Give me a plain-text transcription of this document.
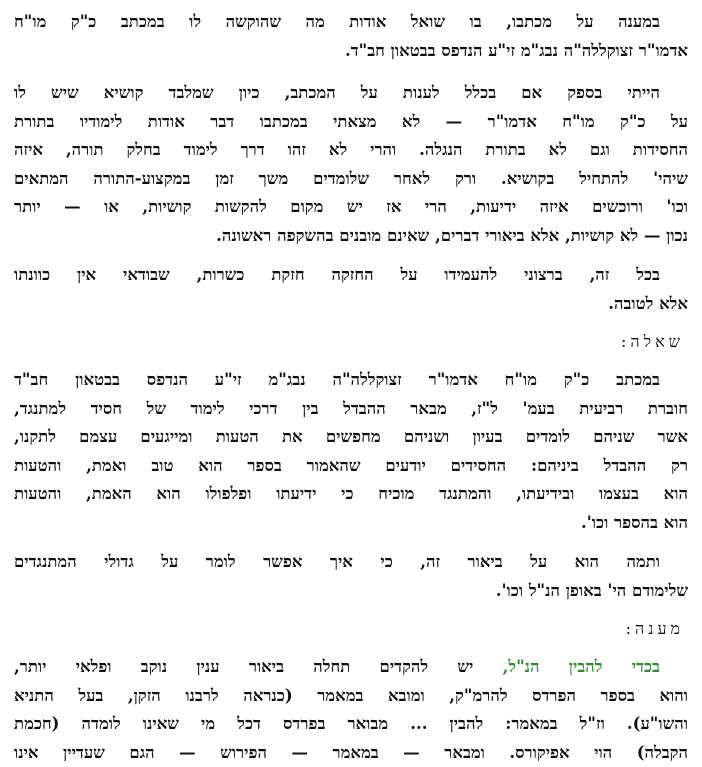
במענה על מכתבו, בו שואל אודות מה שהוקשה לו במכתב כ"ק מו"ח
אדמו"ר זצוקללה"ה נבג"מ זי"ע הנדפס בבטאון חב"ד.
הייתי בספק אם בכלל לענות על המכתב, כיון שמלבד קושיא שיש לו
על כ"ק מו"ח אדמו"ר — לא מצאתי במכתבו דבר אודות לימודיו בתורת
החסידות וגם לא בתורת הנגלה. והרי לא זהו דרך לימוד בחלק תורה, איזה
שיהי' להתחיל בקושיא. ורק לאחר שלומדים משך זמן במקצוע-התורה המתאים
וכו' ורוכשים איזה ידיעות, הרי אז יש מקום להקשות קושיות, או — יותר
נכון — לא קושיות, אלא ביאורי דברים, שאינם מובנים בהשקפה ראשונה.
בכל זה, ברצוני להעמידו על החזקה חזקת כשרות, שבודאי אין כוונתו
אלא לטובה.
שאלה:
במכתב כ"ק מו"ח אדמו"ר זצוקללה"ה נבג"מ זי"ע הנדפס בבטאון חב"ד
חוברת רביעית בעמ' ל"ז, מבאר ההבדל בין דרכי לימוד של חסיד למתנגד,
אשר שניהם לומדים בעיון ושניהם מחפשים את הטעות ומייגעים עצמם לתקנו,
רק ההבדל ביניהם: החסידים יודעים שהאמור בספר הוא טוב ואמת, והטעות
הוא בעצמו ובידיעתו, והמתנגד מוכיח כי ידיעתו ופלפולו הוא האמת, והטעות
הוא בהספר וכו'.
ותמה הוא על ביאור זה, כי איך אפשר לומר על גדולי המתנגדים
שלימודם הי' באופן הנ"ל וכו'.
מענה:
בכדי להבין הנ"ל, יש להקדים תחלה ביאור ענין נוקב ופלאי יותר,
והוא בספר הפרדס להרמ"ק, ומובא במאמר (כנראה לרבנו הזקן, בעל התניא
והשו"ע). וז"ל במאמר: להבין ... מבואר בפרדס דכל מי שאינו לומדה (חכמת
הקבלה) הוי אפיקורס. ומבאר — במאמר — הפירוש — הגם שעדיין אינו
